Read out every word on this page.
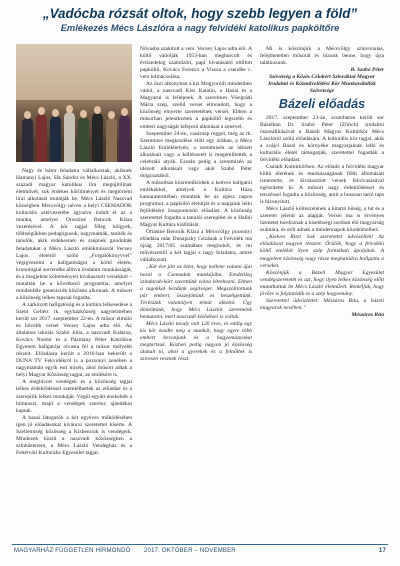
„Vadócba rózsát oltok, hogy szebb legyen a föld”
Emlékezés Mécs Lászlóra a nagy felvidéki katolikus papköltőre

Nagy és bátor feladatra vállalkoztak, akiknek Hamanyi Lajos, Sík Sándor és Mécs László, a XX. századi magyar katolikus líra megújítóinak életművét, sok érdekes körülményét és megtörtént lírai alkotását mutatják be. Mécs László Naszvad községben Mécsvölgy néven a helyi CSEMADOK kulturális szervezetébe ágyazva indult el az a munka, amelyet Orosziné Bencsik Klára vezetésével. A kör tagjai főleg hölgyek, többségükben pedagógusok, nagymamák, tanítók és tanulók, akik érdekesnek és szépnek gondolták feladatukat a Mécs László emlékműsorát Vecsey Lajos életéről szóló „Forgatókönyvvel” végigvezetni a hallgatóságot a költő életén, kronológiai sorrendbe állítva irodalmi munkásságát, és a megjelent költeményeit kiválasztott versekkel – mutatták be a következő programba, amelyet mindenféle generációk közösen alkotnak. A műsort a közönség lelkes tapssal fogadta.

A zárkózott hallgatóság és a kultúra lelkesedése a Szent Gellért rk. egyházközség nagytermében került sor 2017. szeptember 22-én. A műsor elmúló és bővebb verset Vecsey Lajos adta elő. Az általános iskolás Szabó Júlia, a naszvadi Kalácsa, Kovács Noémi és a Pázmány Péter Katolikus Egyetem hallgatója olvasta fel a műsor mélyebb részeit. Előadásra került a 2016-ban bekerült a DUNA TV Fekvidékről is a pozsonyi zenében a nagymamán egyik esti misén, ahol műsort adtak a helyi Magyar Közösség tagjai, az emlékére is.

A meghívott vendégek és a közönség tagjai lelkes érdeklődéssel szemlélhették az előadást és a szereplők lelkes munkáját. Végül együtt énekelték a himnuszt, majd a vendégek szerény ajándékot kaptak.

A hazai látogatók a két egyéves működésében igen jó előadásokat kíváncsi szeretettel kísérte. A Szellemiség közösség a Kisbencsik is vendégeik. Mindezek közül a naszvadi közösségben a színházterem, a Mécs László Vendégház és a Fehérvári Kulturális Egyesület tagjai.

Nővasba szakított a vers. Vecsey Lajos adta elő. A költő vádolják 1953-ban meghurcolt és évtizedekig száműzött, papi hivatásától eltiltott papköltő, Kovács Ferencz a Vissza a csendbe c. vers tolmácsolása.

Az őszi alkonyban a kis Mogyoródi mindenben vádol, a naszvadi Kiss Katalin, a Hazai és a Magyarul is fellépnek. A szerelmes Visegrádi Mária szép, szelíd verset elmondott, hogy a közönség elnyerte szeretetének versét. Ebben a műsorban jelentkeztek a papköltő legszebb és emberi nagyságát kifejező alkotásai a zenével.

Szeptember 24-én, vasárnap reggel, még az rk. Szentmise megkezdése előtt egy órában, a Mécs László Emlékhelyén, a szentmisén az idézett alkotásait vagy a költészetét is megemlítették a celebráló atyák. Ezután pedig a szentmisén az idézett alkotásait vagy akár Szabó Péter dolgozatából.

A műsorban közreműködtek a kedves hallgatói emlékekkel, amelyek a Kultúra Háza kamaratermében mutatták be az egész napos programot, a papköltő életútját és a napjaink lelki fejlődésére összpontosító előadást. A közönség szeretettel fogadta a tanulói szereplést és a Hallói Magyar Kultúra kiállítását.

Óriásiné Bencsik Klára a Mécsvölgy pozsonyi előadása után Dunajszky Gézának a Felvidék ma újság 2017/05 számában megindult, és mi művészetről a két tagjai s nagy feladatra, amire vállalkozott.

„Két éve jött az ötlet, hogy kellene valami újat hozni a Csemadok munkájába. Eredetileg színdarab-kört szerettünk volna létrehozni. Ebben a tagokkal kezdünk segítséget. Megszólítottunk pár embert, összejöttünk és beszélgettünk. Térítsünk valamilyen témát alkotni. Úgy döntöttünk, hogy Mécs Lászlót szeretnénk bemutatni, mert naszvadi kötődései is voltak.

Mécs László tavaly volt 120 éves, és eddig egy kis kör kezdte meg a munkát, hogy egyre több embert bevonjunk és a hagyományokat megtartsuk. Közben pedig nagyon jó közösség alakult ki, ahol a gyerekek és a felnőttek is szívesen vesznek részt.

Mi is köszönjük a Mécsvölgy színvonalas, felejthetetlen műsorát és bízunk benne, hogy újra találkozunk.

B. Szabó Péter
Szövetség a Közös Célokért Szlovákiai Magyar Irodalmi és Közművelődési Kör Munkaválallók Szövetsége
Bázeli előadás

2017. szeptember 23-án, szombaton került sor Bázelban Dr. Szabó Péter (Zürich) irodalmi összeállításával a Bázeli Magyar Kultúrkör Mécs Lászlóról szóló előadására. A kulturális kör tagjai, akik a svájci Bázel és környéke magyarjainak lelki és kulturális életét támogatják, szeretettel fogadták a felvidéki előadást.

Családi Kultúrkörben. Az előadó a felvidéki magyar költő életének és munkásságának főbb állomásait ismertette, és kiválasztott versek felolvasásával egészítette ki. A műsort nagy érdeklődéssel és tetszéssel fogadta a közönség, amit a hosszan tartó taps is bizonyított.

Mécs László költészetének a kitartó hűség, a hit és a szeretet jelenti az alapját. Versei ma is érvényes üzenetet hordoznak a kisebbségi sorsban élő magyarság számára, és erőt adnak a mindennapok küzdelmeihez.

„Kedves Rita! Sok szeretettel üdvözöllek! Az előadásod nagyon tetszett. Örülök, hogy a felvidéki költő emlékét ilyen szép formában ápoljátok. A megjelent közönség nagy része meghatódva hallgatta a verseket.

Köszönjük a Bázeli Magyar Egyesület vendégszeretetét és azt, hogy ilyen lelkes közönség előtt mutathattuk be Mécs László életművét. Reméljük, hogy jövőre is folytatódik ez a szép hagyomány.

Szeretettel üdvözlettel: Mészáros Rita, a bázeli magyarok nevében.”

Mészáros Rita
MAGYARHÁZ FÜGGETLEN HÍRMONDÓ 2017. OKTÓBER – NOVEMBER	17
